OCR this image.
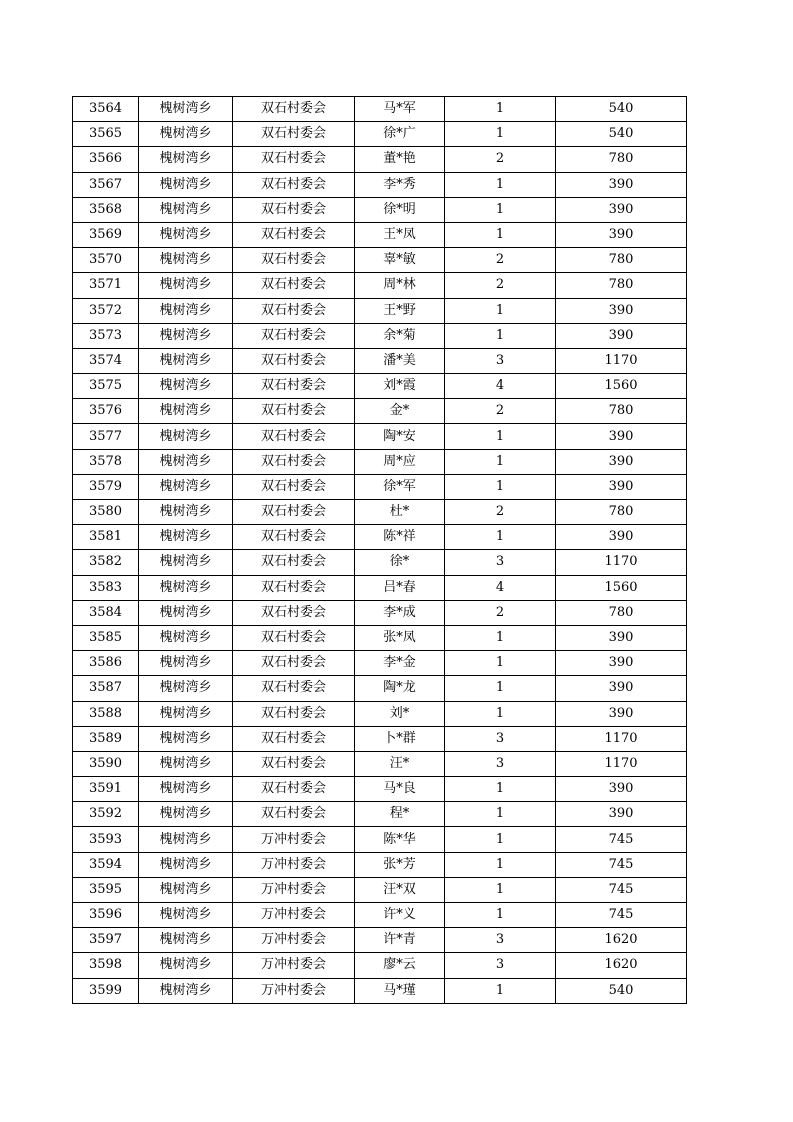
3564	槐树湾乡	双石村委会	马*军	1	540
3565	槐树湾乡	双石村委会	徐*广	1	540
3566	槐树湾乡	双石村委会	董*艳	2	780
3567	槐树湾乡	双石村委会	李*秀	1	390
3568	槐树湾乡	双石村委会	徐*明	1	390
3569	槐树湾乡	双石村委会	王*凤	1	390
3570	槐树湾乡	双石村委会	辜*敏	2	780
3571	槐树湾乡	双石村委会	周*林	2	780
3572	槐树湾乡	双石村委会	王*野	1	390
3573	槐树湾乡	双石村委会	余*菊	1	390
3574	槐树湾乡	双石村委会	潘*美	3	1170
3575	槐树湾乡	双石村委会	刘*霞	4	1560
3576	槐树湾乡	双石村委会	金*	2	780
3577	槐树湾乡	双石村委会	陶*安	1	390
3578	槐树湾乡	双石村委会	周*应	1	390
3579	槐树湾乡	双石村委会	徐*军	1	390
3580	槐树湾乡	双石村委会	杜*	2	780
3581	槐树湾乡	双石村委会	陈*祥	1	390
3582	槐树湾乡	双石村委会	徐*	3	1170
3583	槐树湾乡	双石村委会	吕*春	4	1560
3584	槐树湾乡	双石村委会	李*成	2	780
3585	槐树湾乡	双石村委会	张*凤	1	390
3586	槐树湾乡	双石村委会	李*金	1	390
3587	槐树湾乡	双石村委会	陶*龙	1	390
3588	槐树湾乡	双石村委会	刘*	1	390
3589	槐树湾乡	双石村委会	卜*群	3	1170
3590	槐树湾乡	双石村委会	汪*	3	1170
3591	槐树湾乡	双石村委会	马*良	1	390
3592	槐树湾乡	双石村委会	程*	1	390
3593	槐树湾乡	万冲村委会	陈*华	1	745
3594	槐树湾乡	万冲村委会	张*芳	1	745
3595	槐树湾乡	万冲村委会	汪*双	1	745
3596	槐树湾乡	万冲村委会	许*义	1	745
3597	槐树湾乡	万冲村委会	许*青	3	1620
3598	槐树湾乡	万冲村委会	廖*云	3	1620
3599	槐树湾乡	万冲村委会	马*瑾	1	540
